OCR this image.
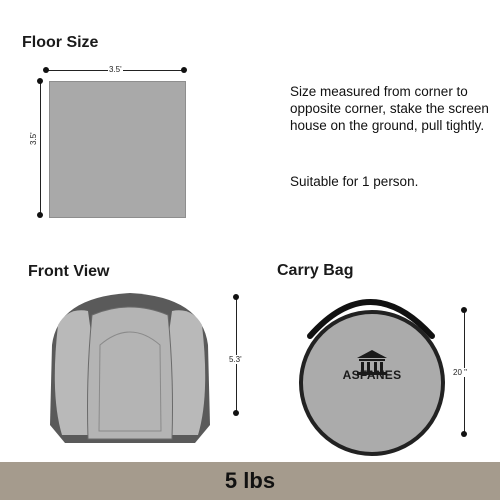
Floor Size
3.5'
3.5'
Size measured from corner to opposite corner, stake the screen house on the ground, pull tightly.
Suitable for 1 person.
Front View
5.3'
Carry Bag
ASFANES	20 "
5 lbs
